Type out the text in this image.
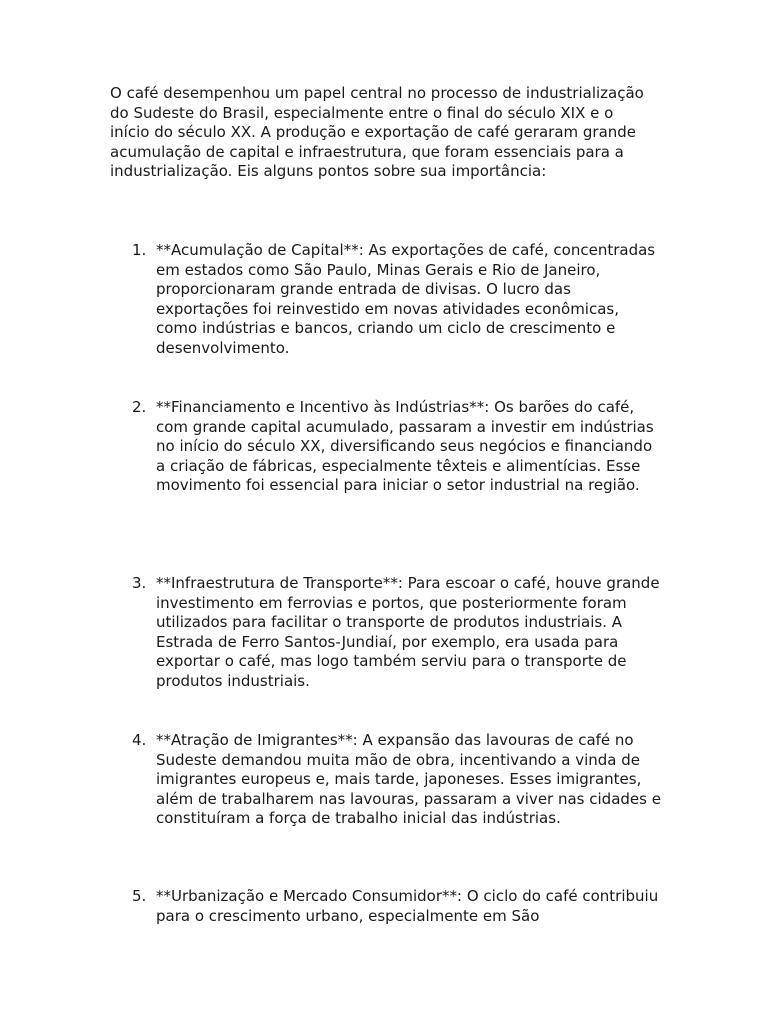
O café desempenhou um papel central no processo de industrialização do Sudeste do Brasil, especialmente entre o final do século XIX e o início do século XX. A produção e exportação de café geraram grande acumulação de capital e infraestrutura, que foram essenciais para a industrialização. Eis alguns pontos sobre sua importância:

1. **Acumulação de Capital**: As exportações de café, concentradas em estados como São Paulo, Minas Gerais e Rio de Janeiro, proporcionaram grande entrada de divisas. O lucro das exportações foi reinvestido em novas atividades econômicas, como indústrias e bancos, criando um ciclo de crescimento e desenvolvimento.

2. **Financiamento e Incentivo às Indústrias**: Os barões do café, com grande capital acumulado, passaram a investir em indústrias no início do século XX, diversificando seus negócios e financiando a criação de fábricas, especialmente têxteis e alimentícias. Esse movimento foi essencial para iniciar o setor industrial na região.

3. **Infraestrutura de Transporte**: Para escoar o café, houve grande investimento em ferrovias e portos, que posteriormente foram utilizados para facilitar o transporte de produtos industriais. A Estrada de Ferro Santos-Jundiaí, por exemplo, era usada para exportar o café, mas logo também serviu para o transporte de produtos industriais.

4. **Atração de Imigrantes**: A expansão das lavouras de café no Sudeste demandou muita mão de obra, incentivando a vinda de imigrantes europeus e, mais tarde, japoneses. Esses imigrantes, além de trabalharem nas lavouras, passaram a viver nas cidades e constituíram a força de trabalho inicial das indústrias.

5. **Urbanização e Mercado Consumidor**: O ciclo do café contribuiu para o crescimento urbano, especialmente em São
